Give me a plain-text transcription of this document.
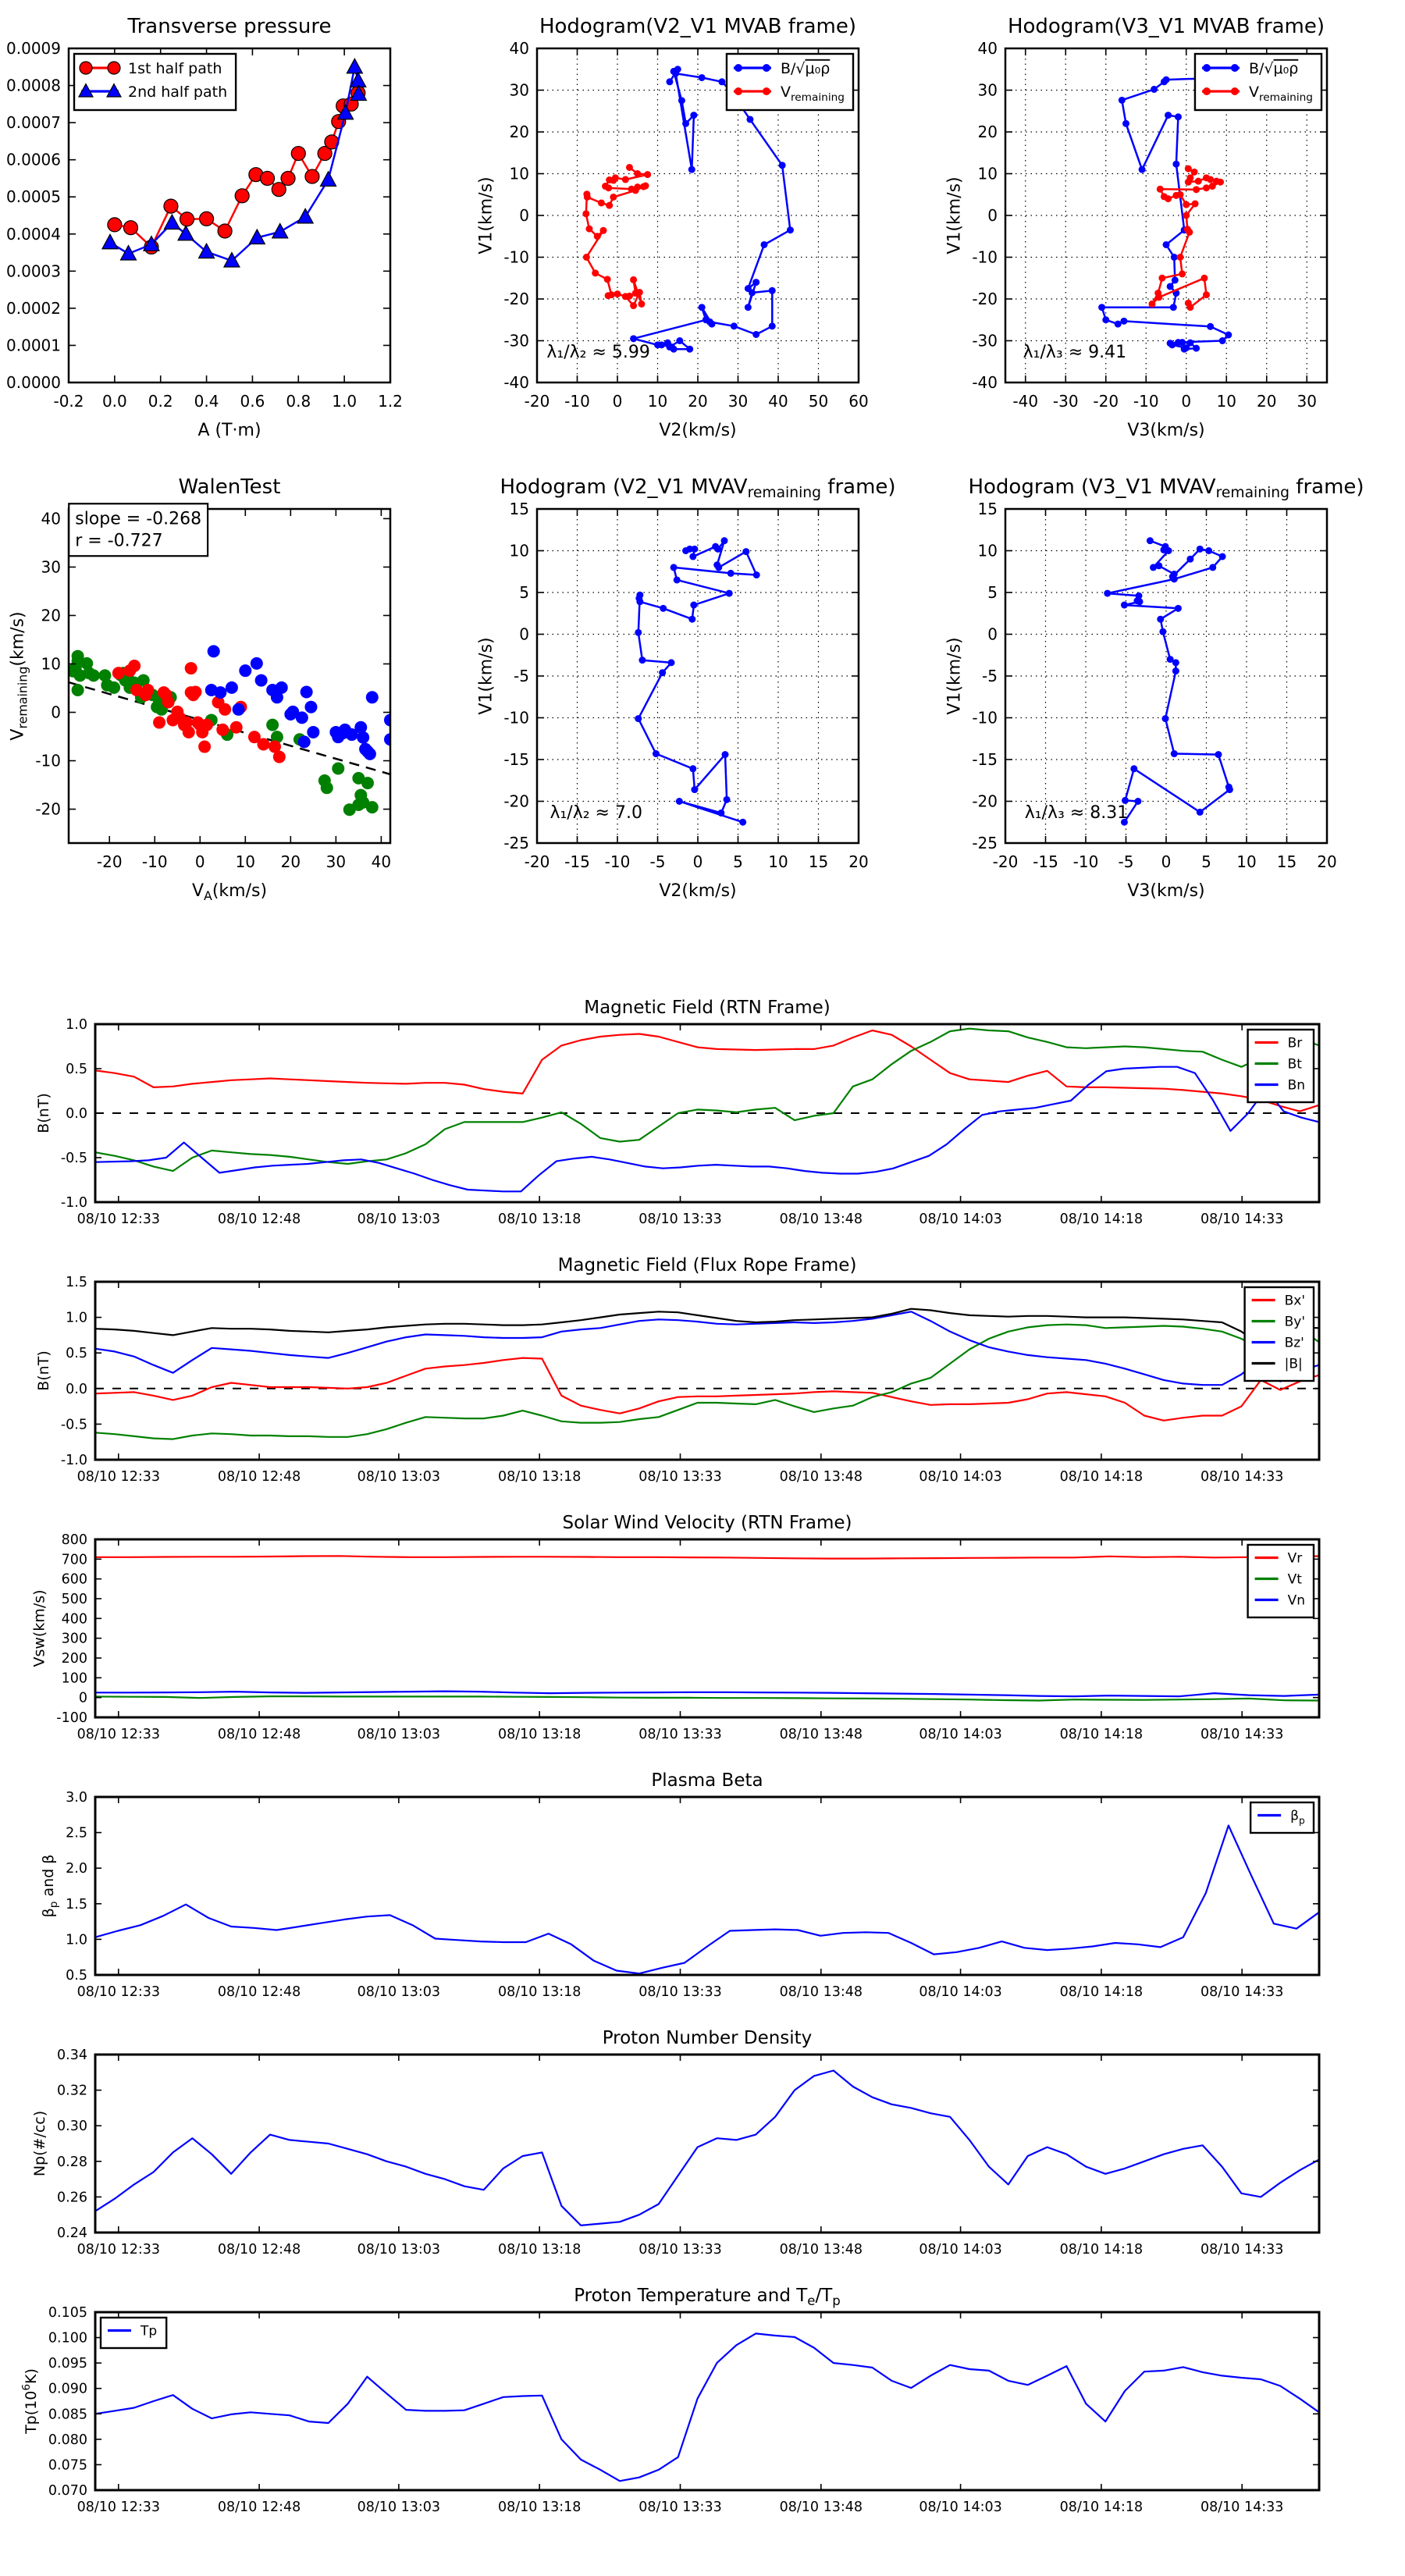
Transverse pressure
-0.2 0.0 0.2 0.4 0.6 0.8 1.0 1.2
0.0000
0.0001
0.0002
0.0003
0.0004
0.0005
0.0006
0.0007
0.0008
0.0009
A (T·m)
1st half path
2nd half path
Hodogram(V2_V1 MVAB frame)
-20 -10 0 10 20 30 40 50 60
-40
-30
-20
-10
0
10
20
30
40
V2(km/s)
V1(km/s)
λ₁/λ₂ ≈ 5.99
B/√μ₀ρ
$V_{remaining}$
Hodogram(V3_V1 MVAB frame)
-40 -30 -20 -10 0 10 20 30
-40
-30
-20
-10
0
10
20
30
40
V3(km/s)
V1(km/s)
λ₁/λ₃ ≈ 9.41
B/√μ₀ρ
$V_{remaining}$
WalenTest
-20 -10 0 10 20 30 40
-20
-10
0
10
20
30
40
$V_A(km/s)$
$V_{remaining}(km/s)$
slope = -0.268
r = -0.727
Hodogram (V2_V1 MVAVremaining frame)
-20 -15 -10 -5 0 5 10 15 20
-25
-20
-15
-10
-5
0
5
10
15
V2(km/s)
V1(km/s)
λ₁/λ₂ ≈ 7.0
Hodogram (V3_V1 MVAVremaining frame)
-20 -15 -10 -5 0 5 10 15 20
-25
-20
-15
-10
-5
0
5
10
15
V3(km/s)
V1(km/s)
λ₁/λ₃ ≈ 8.31
Magnetic Field (RTN Frame)
08/10 12:33	08/10 12:48	08/10 13:03	08/10 13:18	08/10 13:33	08/10 13:48	08/10 14:03	08/10 14:18	08/10 14:33
-1.0
-0.5
0.0
0.5
1.0
B(nT)
Br
Bt
Bn
Magnetic Field (Flux Rope Frame)
08/10 12:33	08/10 12:48	08/10 13:03	08/10 13:18	08/10 13:33	08/10 13:48	08/10 14:03	08/10 14:18	08/10 14:33
-1.0
-0.5
0.0
0.5
1.0
1.5
B(nT)
Bx'
By'
Bz'
|B|
Solar Wind Velocity (RTN Frame)
08/10 12:33	08/10 12:48	08/10 13:03	08/10 13:18	08/10 13:33	08/10 13:48	08/10 14:03	08/10 14:18	08/10 14:33
-100
0
100
200
300
400
500
600
700
800
Vsw(km/s)
Vr
Vt
Vn
Plasma Beta
08/10 12:33	08/10 12:48	08/10 13:03	08/10 13:18	08/10 13:33	08/10 13:48	08/10 14:03	08/10 14:18	08/10 14:33
0.5
1.0
1.5
2.0
2.5
3.0
$\beta_p$ and β
$\beta_p$
Proton Number Density
08/10 12:33	08/10 12:48	08/10 13:03	08/10 13:18	08/10 13:33	08/10 13:48	08/10 14:03	08/10 14:18	08/10 14:33
0.24
0.26
0.28
0.30
0.32
0.34
Np(#/cc)
Proton Temperature and $T_e/T_p$
08/10 12:33	08/10 12:48	08/10 13:03	08/10 13:18	08/10 13:33	08/10 13:48	08/10 14:03	08/10 14:18	08/10 14:33
0.070
0.075
0.080
0.085
0.090
0.095
0.100
0.105
$Tp(10^6K)$
Tp
